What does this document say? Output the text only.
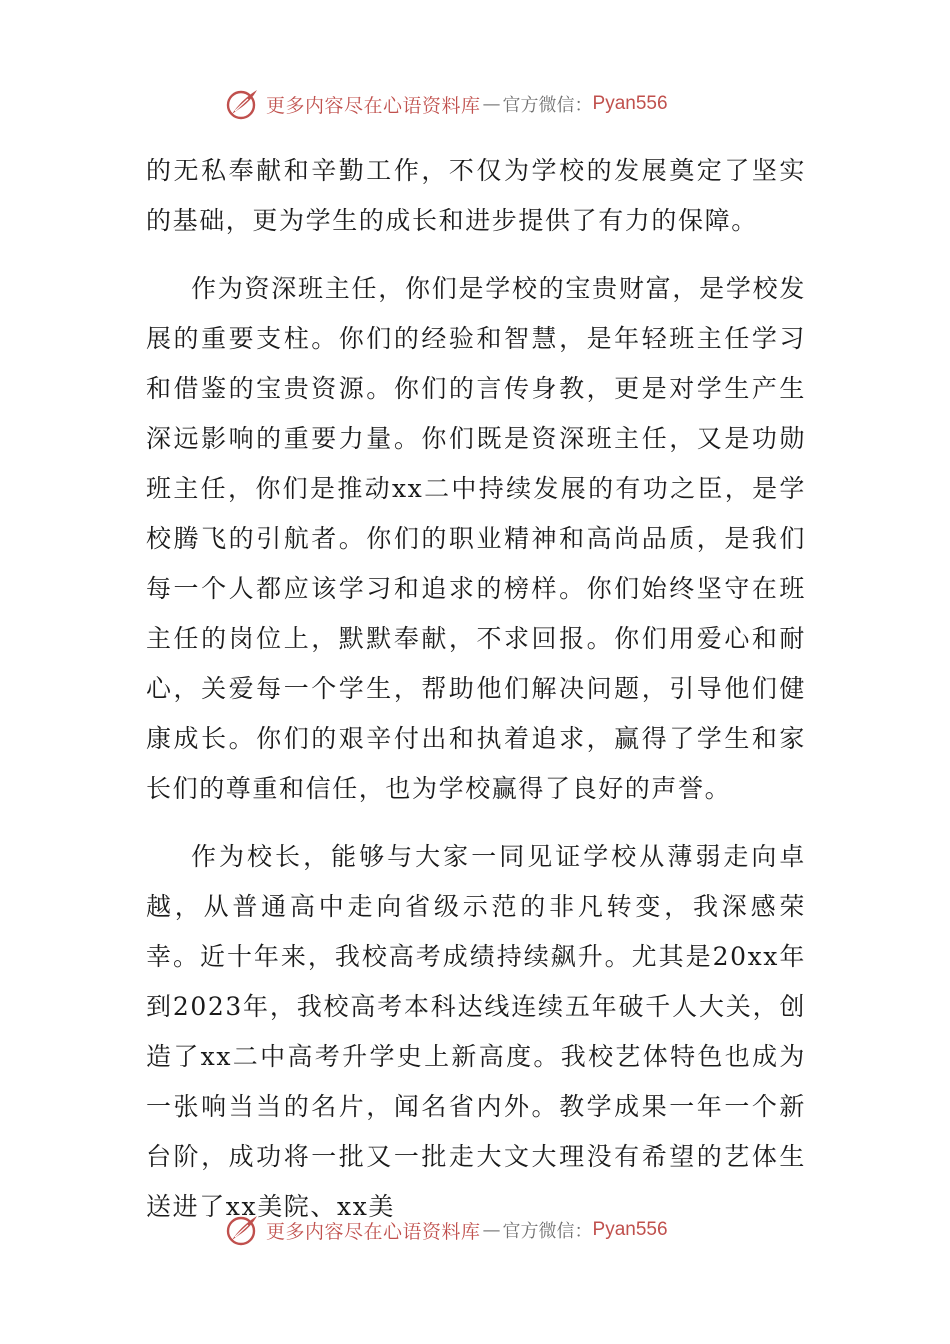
更多内容尽在心语资料库 — 官方微信： Pyan556

的无私奉献和辛勤工作，不仅为学校的发展奠定了坚实的基础，更为学生的成长和进步提供了有力的保障。

作为资深班主任，你们是学校的宝贵财富，是学校发展的重要支柱。你们的经验和智慧，是年轻班主任学习和借鉴的宝贵资源。你们的言传身教，更是对学生产生深远影响的重要力量。你们既是资深班主任，又是功勋班主任，你们是推动xx二中持续发展的有功之臣，是学校腾飞的引航者。你们的职业精神和高尚品质，是我们每一个人都应该学习和追求的榜样。你们始终坚守在班主任的岗位上，默默奉献，不求回报。你们用爱心和耐心，关爱每一个学生，帮助他们解决问题，引导他们健康成长。你们的艰辛付出和执着追求，赢得了学生和家长们的尊重和信任，也为学校赢得了良好的声誉。

作为校长，能够与大家一同见证学校从薄弱走向卓越，从普通高中走向省级示范的非凡转变，我深感荣幸。近十年来，我校高考成绩持续飙升。尤其是20xx年到2023年，我校高考本科达线连续五年破千人大关，创造了xx二中高考升学史上新高度。我校艺体特色也成为一张响当当的名片，闻名省内外。教学成果一年一个新台阶，成功将一批又一批走大文大理没有希望的艺体生送进了xx美院、xx美

更多内容尽在心语资料库 — 官方微信： Pyan556
